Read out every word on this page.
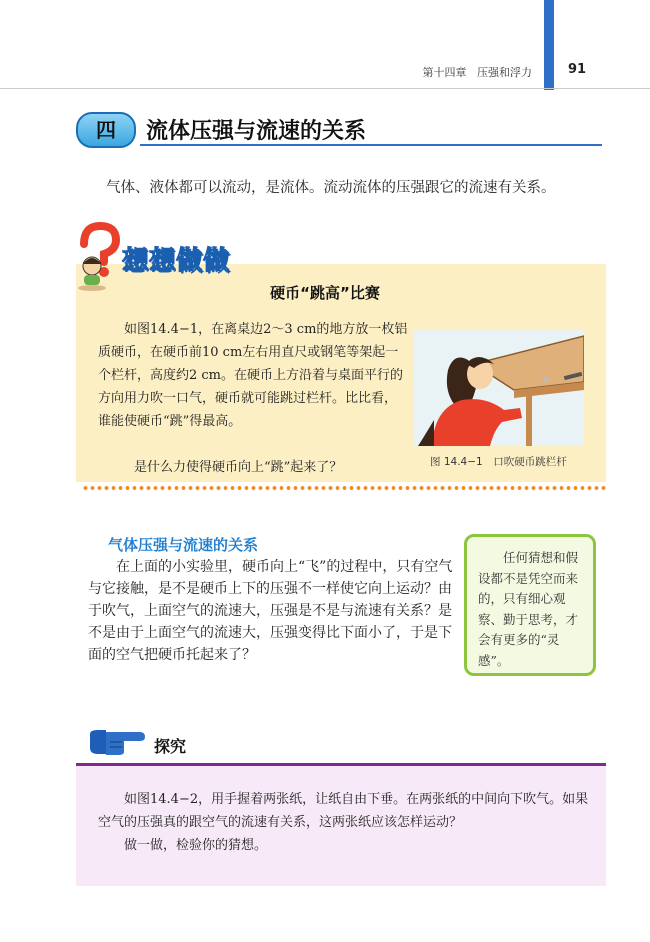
第十四章 压强和浮力	91
四	流体压强与流速的关系
气体、液体都可以流动，是流体。流动流体的压强跟它的流速有关系。
想想做做
硬币“跳高”比赛

如图14.4−1，在离桌边2～3 cm的地方放一枚铝质硬币，在硬币前10 cm左右用直尺或钢笔等架起一个栏杆，高度约2 cm。在硬币上方沿着与桌面平行的方向用力吹一口气，硬币就可能跳过栏杆。比比看，谁能使硬币“跳”得最高。

是什么力使得硬币向上“跳”起来了？	图 14.4−1　口吹硬币跳栏杆
气体压强与流速的关系

在上面的小实验里，硬币向上“飞”的过程中，只有空气与它接触，是不是硬币上下的压强不一样使它向上运动？由于吹气，上面空气的流速大，压强是不是与流速有关系？是不是由于上面空气的流速大，压强变得比下面小了，于是下面的空气把硬币托起来了？

任何猜想和假设都不是凭空而来的，只有细心观察、勤于思考，才会有更多的“灵感”。
探究

如图14.4−2，用手握着两张纸，让纸自由下垂。在两张纸的中间向下吹气。如果空气的压强真的跟空气的流速有关系，这两张纸应该怎样运动？

做一做，检验你的猜想。
